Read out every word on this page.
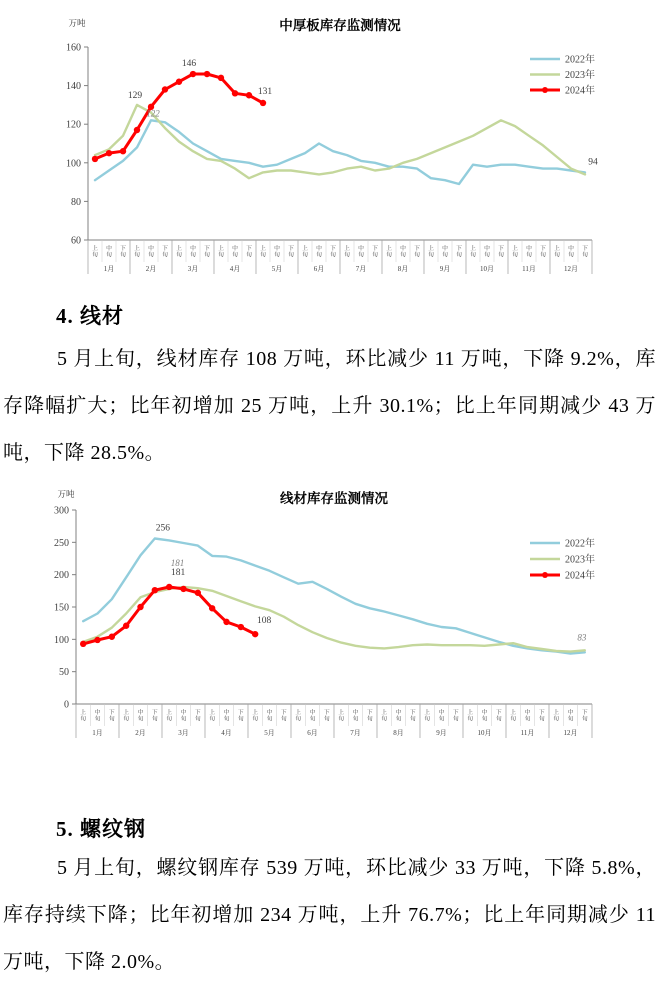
中厚板库存监测情况
万吨
60
80
100
120
140
160
上旬
中旬
下旬
上旬
中旬
下旬
上旬
中旬
下旬
上旬
中旬
下旬
上旬
中旬
下旬
上旬
中旬
下旬
上旬
中旬
下旬
上旬
中旬
下旬
上旬
中旬
下旬
上旬
中旬
下旬
上旬
中旬
下旬
上旬
中旬
下旬
1月	2月	3月	4月	5月	6月	7月	8月	9月	10月	11月	12月
2022年
2023年
2024年
129
146
131
122
94
4. 线材

5 月上旬，线材库存 108 万吨，环比减少 11 万吨，下降 9.2%，库存降幅扩大；比年初增加 25 万吨，上升 30.1%；比上年同期减少 43 万吨，下降 28.5%。

线材库存监测情况
万吨
0
50
100
150
200
250
300
上旬
中旬
下旬
上旬
中旬
下旬
上旬
中旬
下旬
上旬
中旬
下旬
上旬
中旬
下旬
上旬
中旬
下旬
上旬
中旬
下旬
上旬
中旬
下旬
上旬
中旬
下旬
上旬
中旬
下旬
上旬
中旬
下旬
上旬
中旬
下旬
1月	2月	3月	4月	5月	6月	7月	8月	9月	10月	11月	12月
2022年
2023年
2024年
256
181
181
108
83
5. 螺纹钢

5 月上旬，螺纹钢库存 539 万吨，环比减少 33 万吨，下降 5.8%，库存持续下降；比年初增加 234 万吨，上升 76.7%；比上年同期减少 11 万吨，下降 2.0%。
